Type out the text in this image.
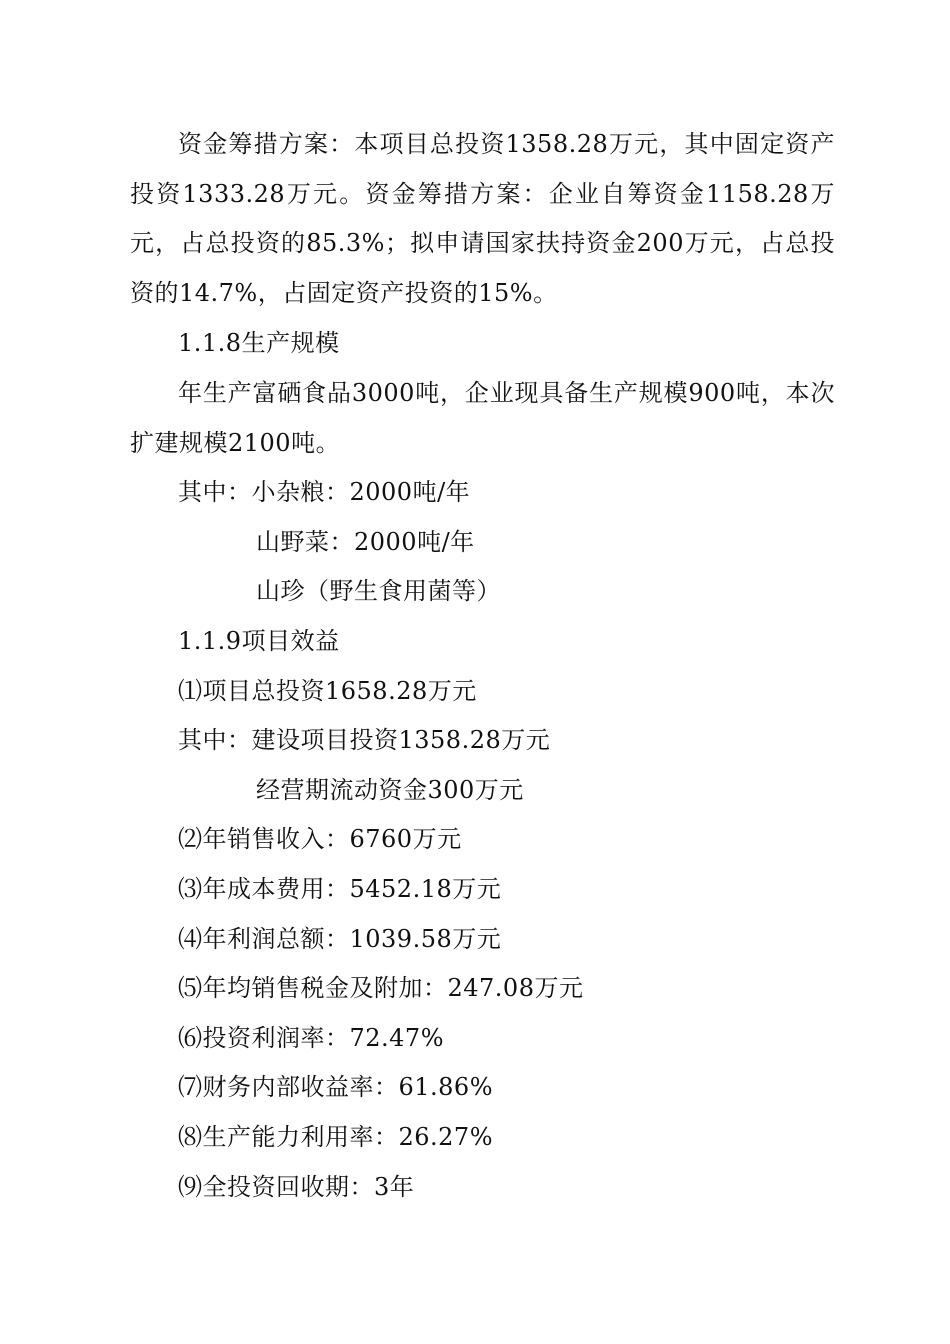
资金筹措方案：本项目总投资1358.28万元，其中固定资产投资1333.28万元。资金筹措方案：企业自筹资金1158.28万元，占总投资的85.3%；拟申请国家扶持资金200万元，占总投资的14.7%，占固定资产投资的15%。

1.1.8生产规模

年生产富硒食品3000吨，企业现具备生产规模900吨，本次扩建规模2100吨。

其中：小杂粮：2000吨/年

山野菜：2000吨/年

山珍（野生食用菌等）

1.1.9项目效益

⑴项目总投资1658.28万元

其中：建设项目投资1358.28万元

经营期流动资金300万元

⑵年销售收入：6760万元

⑶年成本费用：5452.18万元

⑷年利润总额：1039.58万元

⑸年均销售税金及附加：247.08万元

⑹投资利润率：72.47%

⑺财务内部收益率：61.86%

⑻生产能力利用率：26.27%

⑼全投资回收期：3年
